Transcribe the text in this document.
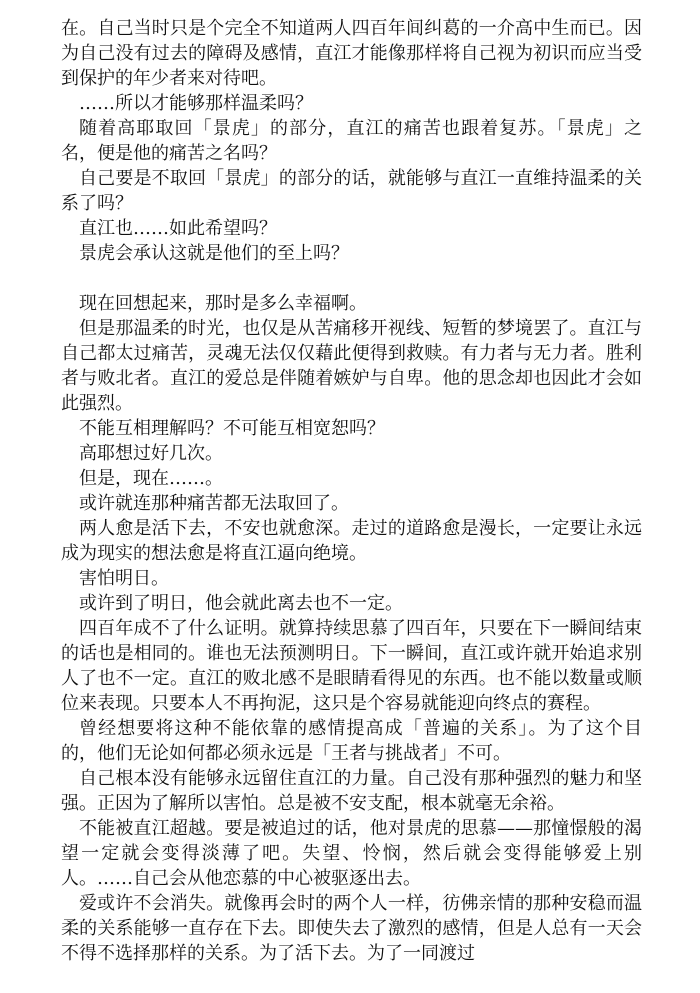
在。自己当时只是个完全不知道两人四百年间纠葛的一介高中生而已。因为自己没有过去的障碍及感情，直江才能像那样将自己视为初识而应当受到保护的年少者来对待吧。

……所以才能够那样温柔吗？

随着高耶取回「景虎」的部分，直江的痛苦也跟着复苏。「景虎」之名，便是他的痛苦之名吗？

自己要是不取回「景虎」的部分的话，就能够与直江一直维持温柔的关系了吗？

直江也……如此希望吗？

景虎会承认这就是他们的至上吗？

现在回想起来，那时是多么幸福啊。

但是那温柔的时光，也仅是从苦痛移开视线、短暂的梦境罢了。直江与自己都太过痛苦，灵魂无法仅仅藉此便得到救赎。有力者与无力者。胜利者与败北者。直江的爱总是伴随着嫉妒与自卑。他的思念却也因此才会如此强烈。

不能互相理解吗？不可能互相宽恕吗？

高耶想过好几次。

但是，现在……。

或许就连那种痛苦都无法取回了。

两人愈是活下去，不安也就愈深。走过的道路愈是漫长，一定要让永远成为现实的想法愈是将直江逼向绝境。

害怕明日。

或许到了明日，他会就此离去也不一定。

四百年成不了什么证明。就算持续思慕了四百年，只要在下一瞬间结束的话也是相同的。谁也无法预测明日。下一瞬间，直江或许就开始追求别人了也不一定。直江的败北感不是眼睛看得见的东西。也不能以数量或顺位来表现。只要本人不再拘泥，这只是个容易就能迎向终点的赛程。

曾经想要将这种不能依靠的感情提高成「普遍的关系」。为了这个目的，他们无论如何都必须永远是「王者与挑战者」不可。

自己根本没有能够永远留住直江的力量。自己没有那种强烈的魅力和坚强。正因为了解所以害怕。总是被不安支配，根本就毫无余裕。

不能被直江超越。要是被追过的话，他对景虎的思慕——那憧憬般的渴望一定就会变得淡薄了吧。失望、怜悯，然后就会变得能够爱上别人。……自己会从他恋慕的中心被驱逐出去。

爱或许不会消失。就像再会时的两个人一样，彷佛亲情的那种安稳而温柔的关系能够一直存在下去。即使失去了激烈的感情，但是人总有一天会不得不选择那样的关系。为了活下去。为了一同渡过
